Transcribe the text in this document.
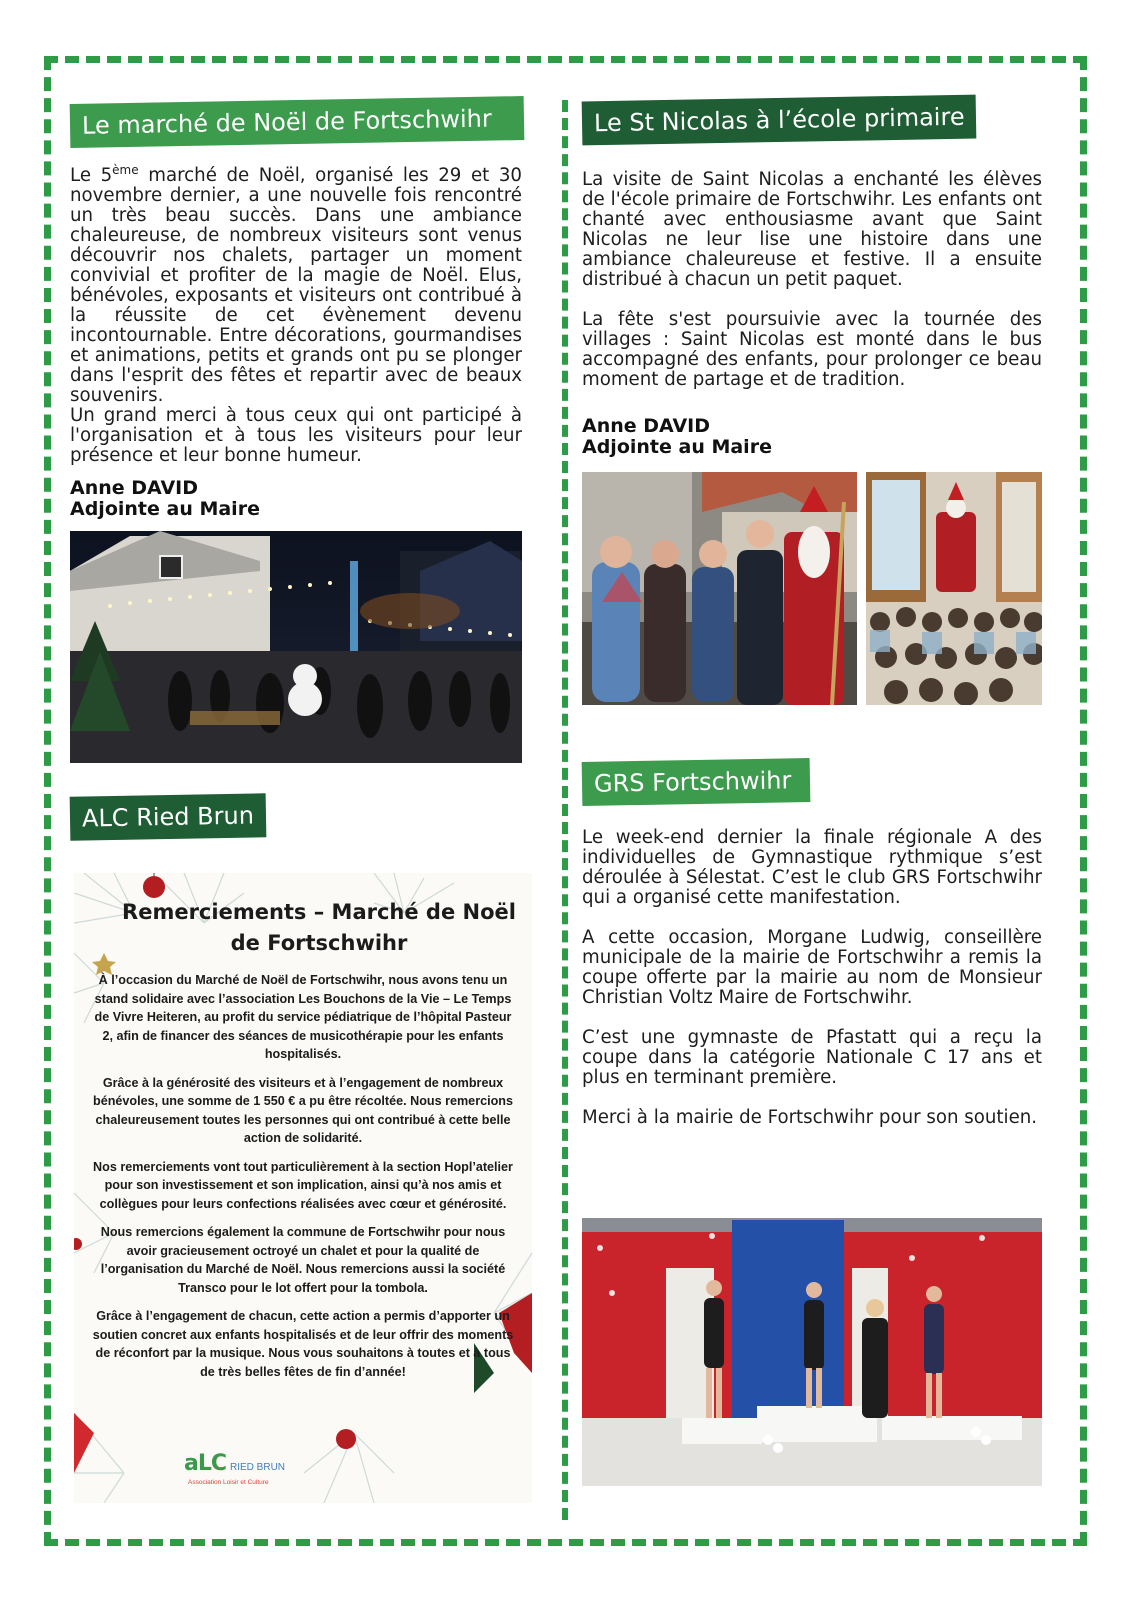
Le marché de Noël de Fortschwihr

Le 5ème marché de Noël, organisé les 29 et 30 novembre dernier, a une nouvelle fois rencontré un très beau succès. Dans une ambiance chaleureuse, de nombreux visiteurs sont venus découvrir nos chalets, partager un moment convivial et profiter de la magie de Noël. Elus, bénévoles, exposants et visiteurs ont contribué à la réussite de cet évènement devenu incontournable. Entre décorations, gourmandises et animations, petits et grands ont pu se plonger dans l'esprit des fêtes et repartir avec de beaux souvenirs.

Un grand merci à tous ceux qui ont participé à l'organisation et à tous les visiteurs pour leur présence et leur bonne humeur.

Anne DAVID
Adjointe au Maire
ALC Ried Brun
Remerciements – Marché de Noël de Fortschwihr

À l’occasion du Marché de Noël de Fortschwihr, nous avons tenu un stand solidaire avec l’association Les Bouchons de la Vie – Le Temps de Vivre Heiteren, au profit du service pédiatrique de l’hôpital Pasteur 2, afin de financer des séances de musicothérapie pour les enfants hospitalisés.

Grâce à la générosité des visiteurs et à l’engagement de nombreux bénévoles, une somme de 1 550 € a pu être récoltée. Nous remercions chaleureusement toutes les personnes qui ont contribué à cette belle action de solidarité.

Nos remerciements vont tout particulièrement à la section Hopl’atelier pour son investissement et son implication, ainsi qu’à nos amis et collègues pour leurs confections réalisées avec cœur et générosité.

Nous remercions également la commune de Fortschwihr pour nous avoir gracieusement octroyé un chalet et pour la qualité de l’organisation du Marché de Noël. Nous remercions aussi la société Transco pour le lot offert pour la tombola.

Grâce à l’engagement de chacun, cette action a permis d’apporter un soutien concret aux enfants hospitalisés et de leur offrir des moments de réconfort par la musique. Nous vous souhaitons à toutes et à tous de très belles fêtes de fin d’année!

aLC RIED BRUN
Association Loisir et Culture
Le St Nicolas à l’école primaire

La visite de Saint Nicolas a enchanté les élèves de l'école primaire de Fortschwihr. Les enfants ont chanté avec enthousiasme avant que Saint Nicolas ne leur lise une histoire dans une ambiance chaleureuse et festive. Il a ensuite distribué à chacun un petit paquet.

La fête s'est poursuivie avec la tournée des villages : Saint Nicolas est monté dans le bus accompagné des enfants, pour prolonger ce beau moment de partage et de tradition.

Anne DAVID
Adjointe au Maire
GRS Fortschwihr

Le week-end dernier la finale régionale A des individuelles de Gymnastique rythmique s’est déroulée à Sélestat. C’est le club GRS Fortschwihr qui a organisé cette manifestation.

A cette occasion, Morgane Ludwig, conseillère municipale de la mairie de Fortschwihr a remis la coupe offerte par la mairie au nom de Monsieur Christian Voltz Maire de Fortschwihr.

C’est une gymnaste de Pfastatt qui a reçu la coupe dans la catégorie Nationale C 17 ans et plus en terminant première.

Merci à la mairie de Fortschwihr pour son soutien.
